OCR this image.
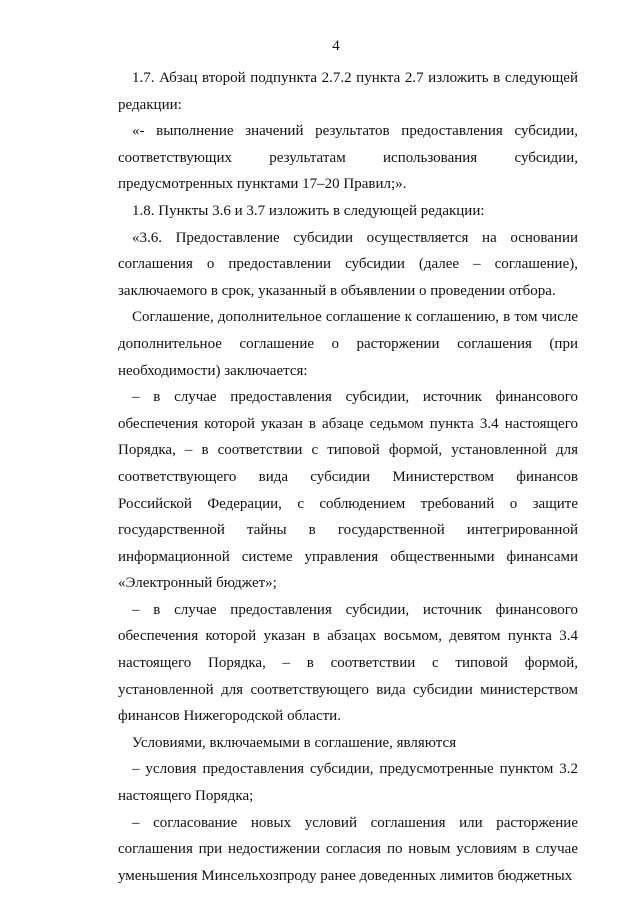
4

1.7. Абзац второй подпункта 2.7.2 пункта 2.7 изложить в следующей редакции:

«- выполнение значений результатов предоставления субсидии, соответствующих результатам использования субсидии, предусмотренных пунктами 17–20 Правил;».

1.8. Пункты 3.6 и 3.7 изложить в следующей редакции:

«3.6. Предоставление субсидии осуществляется на основании соглашения о предоставлении субсидии (далее – соглашение), заключаемого в срок, указанный в объявлении о проведении отбора.

Соглашение, дополнительное соглашение к соглашению, в том числе дополнительное соглашение о расторжении соглашения (при необходимости) заключается:

– в случае предоставления субсидии, источник финансового обеспечения которой указан в абзаце седьмом пункта 3.4 настоящего Порядка, – в соответствии с типовой формой, установленной для соответствующего вида субсидии Министерством финансов Российской Федерации, с соблюдением требований о защите государственной тайны в государственной интегрированной информационной системе управления общественными финансами «Электронный бюджет»;

– в случае предоставления субсидии, источник финансового обеспечения которой указан в абзацах восьмом, девятом пункта 3.4 настоящего Порядка, – в соответствии с типовой формой, установленной для соответствующего вида субсидии министерством финансов Нижегородской области.

Условиями, включаемыми в соглашение, являются

– условия предоставления субсидии, предусмотренные пунктом 3.2 настоящего Порядка;

– согласование новых условий соглашения или расторжение соглашения при недостижении согласия по новым условиям в случае уменьшения Минсельхозпроду ранее доведенных лимитов бюджетных
